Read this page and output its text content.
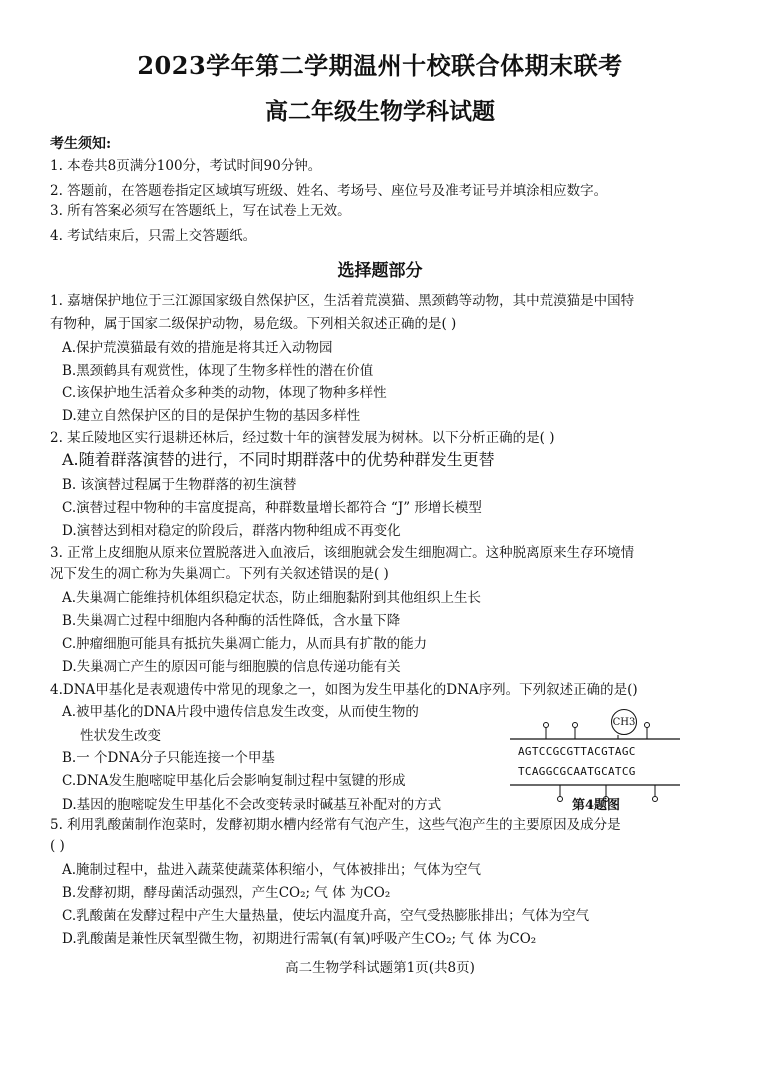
2023学年第二学期温州十校联合体期末联考
高二年级生物学科试题
考生须知:
1. 本卷共8页满分100分，考试时间90分钟。
2. 答题前，在答题卷指定区域填写班级、姓名、考场号、座位号及准考证号并填涂相应数字。
3. 所有答案必须写在答题纸上，写在试卷上无效。
4. 考试结束后，只需上交答题纸。
选择题部分
1. 嘉塘保护地位于三江源国家级自然保护区，生活着荒漠猫、黑颈鹤等动物，其中荒漠猫是中国特
有物种，属于国家二级保护动物，易危级。下列相关叙述正确的是( )
A.保护荒漠猫最有效的措施是将其迁入动物园
B.黑颈鹤具有观赏性，体现了生物多样性的潜在价值
C.该保护地生活着众多种类的动物，体现了物种多样性
D.建立自然保护区的目的是保护生物的基因多样性
2. 某丘陵地区实行退耕还林后，经过数十年的演替发展为树林。以下分析正确的是( )
A.随着群落演替的进行，不同时期群落中的优势种群发生更替
B. 该演替过程属于生物群落的初生演替
C.演替过程中物种的丰富度提高，种群数量增长都符合 “J” 形增长模型
D.演替达到相对稳定的阶段后，群落内物种组成不再变化
3. 正常上皮细胞从原来位置脱落进入血液后，该细胞就会发生细胞凋亡。这种脱离原来生存环境情
况下发生的凋亡称为失巢凋亡。下列有关叙述错误的是( )
A.失巢凋亡能维持机体组织稳定状态，防止细胞黏附到其他组织上生长
B.失巢凋亡过程中细胞内各种酶的活性降低，含水量下降
C.肿瘤细胞可能具有抵抗失巢凋亡能力，从而具有扩散的能力
D.失巢凋亡产生的原因可能与细胞膜的信息传递功能有关
4.DNA甲基化是表观遗传中常见的现象之一，如图为发生甲基化的DNA序列。下列叙述正确的是()
A.被甲基化的DNA片段中遗传信息发生改变，从而使生物的
性状发生改变
B.一 个DNA分子只能连接一个甲基
C.DNA发生胞嘧啶甲基化后会影响复制过程中氢键的形成
D.基因的胞嘧啶发生甲基化不会改变转录时碱基互补配对的方式
CH3
AGTCCGCGTTACGTAGC
TCAGGCGCAATGCATCG
第4题图
5. 利用乳酸菌制作泡菜时，发酵初期水槽内经常有气泡产生，这些气泡产生的主要原因及成分是
( )
A.腌制过程中，盐进入蔬菜使蔬菜体积缩小，气体被排出；气体为空气
B.发酵初期，酵母菌活动强烈，产生CO₂; 气 体 为CO₂
C.乳酸菌在发酵过程中产生大量热量，使坛内温度升高，空气受热膨胀排出；气体为空气
D.乳酸菌是兼性厌氧型微生物，初期进行需氧(有氧)呼吸产生CO₂; 气 体 为CO₂
高二生物学科试题第1页(共8页)
